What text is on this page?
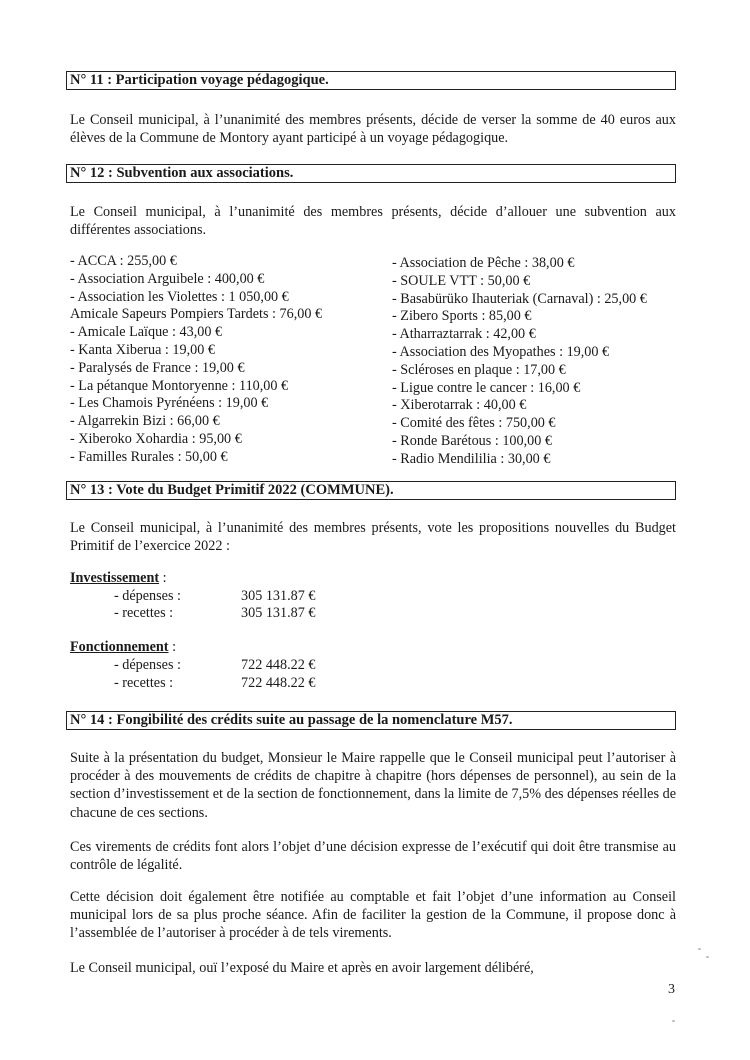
N° 11 : Participation voyage pédagogique.

Le Conseil municipal, à l’unanimité des membres présents, décide de verser la somme de 40 euros aux élèves de la Commune de Montory ayant participé à un voyage pédagogique.

N° 12 : Subvention aux associations.

Le Conseil municipal, à l’unanimité des membres présents, décide d’allouer une subvention aux différentes associations.

- ACCA : 255,00 €
- Association Arguibele : 400,00 €
- Association les Violettes : 1 050,00 €
Amicale Sapeurs Pompiers Tardets : 76,00 €
- Amicale Laïque : 43,00 €
- Kanta Xiberua : 19,00 €
- Paralysés de France : 19,00 €
- La pétanque Montoryenne : 110,00 €
- Les Chamois Pyrénéens : 19,00 €
- Algarrekin Bizi : 66,00 €
- Xiberoko Xohardia : 95,00 €
- Familles Rurales : 50,00 €
- Association de Pêche : 38,00 €
- SOULE VTT : 50,00 €
- Basabürüko Ihauteriak (Carnaval) : 25,00 €
- Zibero Sports : 85,00 €
- Atharraztarrak : 42,00 €
- Association des Myopathes : 19,00 €
- Scléroses en plaque : 17,00 €
- Ligue contre le cancer : 16,00 €
- Xiberotarrak : 40,00 €
- Comité des fêtes : 750,00 €
- Ronde Barétous : 100,00 €
- Radio Mendililia : 30,00 €
N° 13 : Vote du Budget Primitif 2022 (COMMUNE).

Le Conseil municipal, à l’unanimité des membres présents, vote les propositions nouvelles du Budget Primitif de l’exercice 2022 :

Investissement :
- dépenses :	305 131.87 €
- recettes :	305 131.87 €
Fonctionnement :
- dépenses :	722 448.22 €
- recettes :	722 448.22 €
N° 14 : Fongibilité des crédits suite au passage de la nomenclature M57.

Suite à la présentation du budget, Monsieur le Maire rappelle que le Conseil municipal peut l’autoriser à procéder à des mouvements de crédits de chapitre à chapitre (hors dépenses de personnel), au sein de la section d’investissement et de la section de fonctionnement, dans la limite de 7,5% des dépenses réelles de chacune de ces sections.

Ces virements de crédits font alors l’objet d’une décision expresse de l’exécutif qui doit être transmise au contrôle de légalité.

Cette décision doit également être notifiée au comptable et fait l’objet d’une information au Conseil municipal lors de sa plus proche séance. Afin de faciliter la gestion de la Commune, il propose donc à l’assemblée de l’autoriser à procéder à de tels virements.

Le Conseil municipal, ouï l’exposé du Maire et après en avoir largement délibéré,

3
